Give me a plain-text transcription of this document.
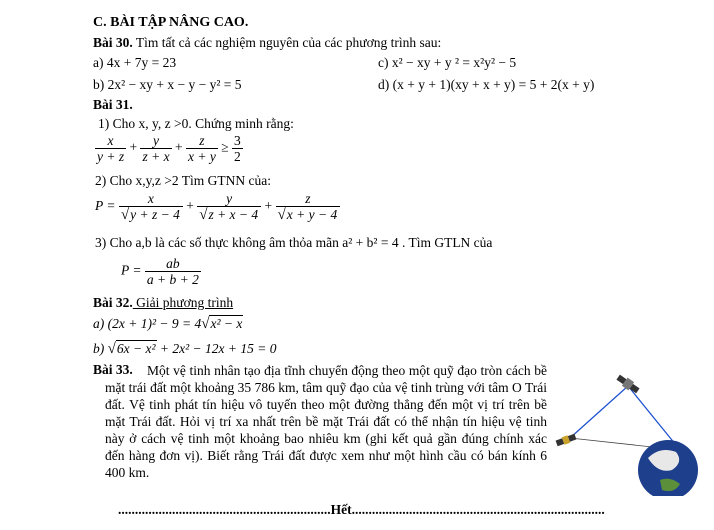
C. BÀI TẬP NÂNG CAO.
Bài 30. Tìm tất cả các nghiệm nguyên của các phương trình sau:
a) 4x + 7y = 23	c) x² − xy + y ² = x²y² − 5
b) 2x² − xy + x − y − y² = 5	d) (x + y + 1)(xy + x + y) = 5 + 2(x + y)
Bài 31.
1) Cho x, y, z >0. Chứng minh rằng:
$\frac{x}{y + z} + \frac{y}{z + x} + \frac{z}{x + y} \ge \frac{3}{2}$
2) Cho x,y,z >2 Tìm GTNN của:
$P = \frac{x}{√y + z - 4} + \frac{y}{√z + x - 4} + \frac{z}{√x + y - 4}$
3) Cho a,b là các số thực không âm thỏa mãn a² + b² = 4 . Tìm GTLN của
$P = \frac{ab}{a + b + 2}$
Bài 32. Giải phương trình
a) (2x + 1)² − 9 = 4√x² − x
b) √6x − x² + 2x² − 12x + 15 = 0
Bài 33.	Một vệ tinh nhân tạo địa tĩnh chuyển động theo một quỹ đạo tròn cách bề mặt trái đất một khoảng 35 786 km, tâm quỹ đạo của vệ tinh trùng với tâm O Trái đất. Vệ tinh phát tín hiệu vô tuyến theo một đường thẳng đến một vị trí trên bề mặt Trái đất. Hỏi vị trí xa nhất trên bề mặt Trái đất có thể nhận tín hiệu vệ tinh này ở cách vệ tinh một khoảng bao nhiêu km (ghi kết quả gần đúng chính xác đến hàng đơn vị). Biết rằng Trái đất được xem như một hình cầu có bán kính 6 400 km.
...............................................................Hết...........................................................................
